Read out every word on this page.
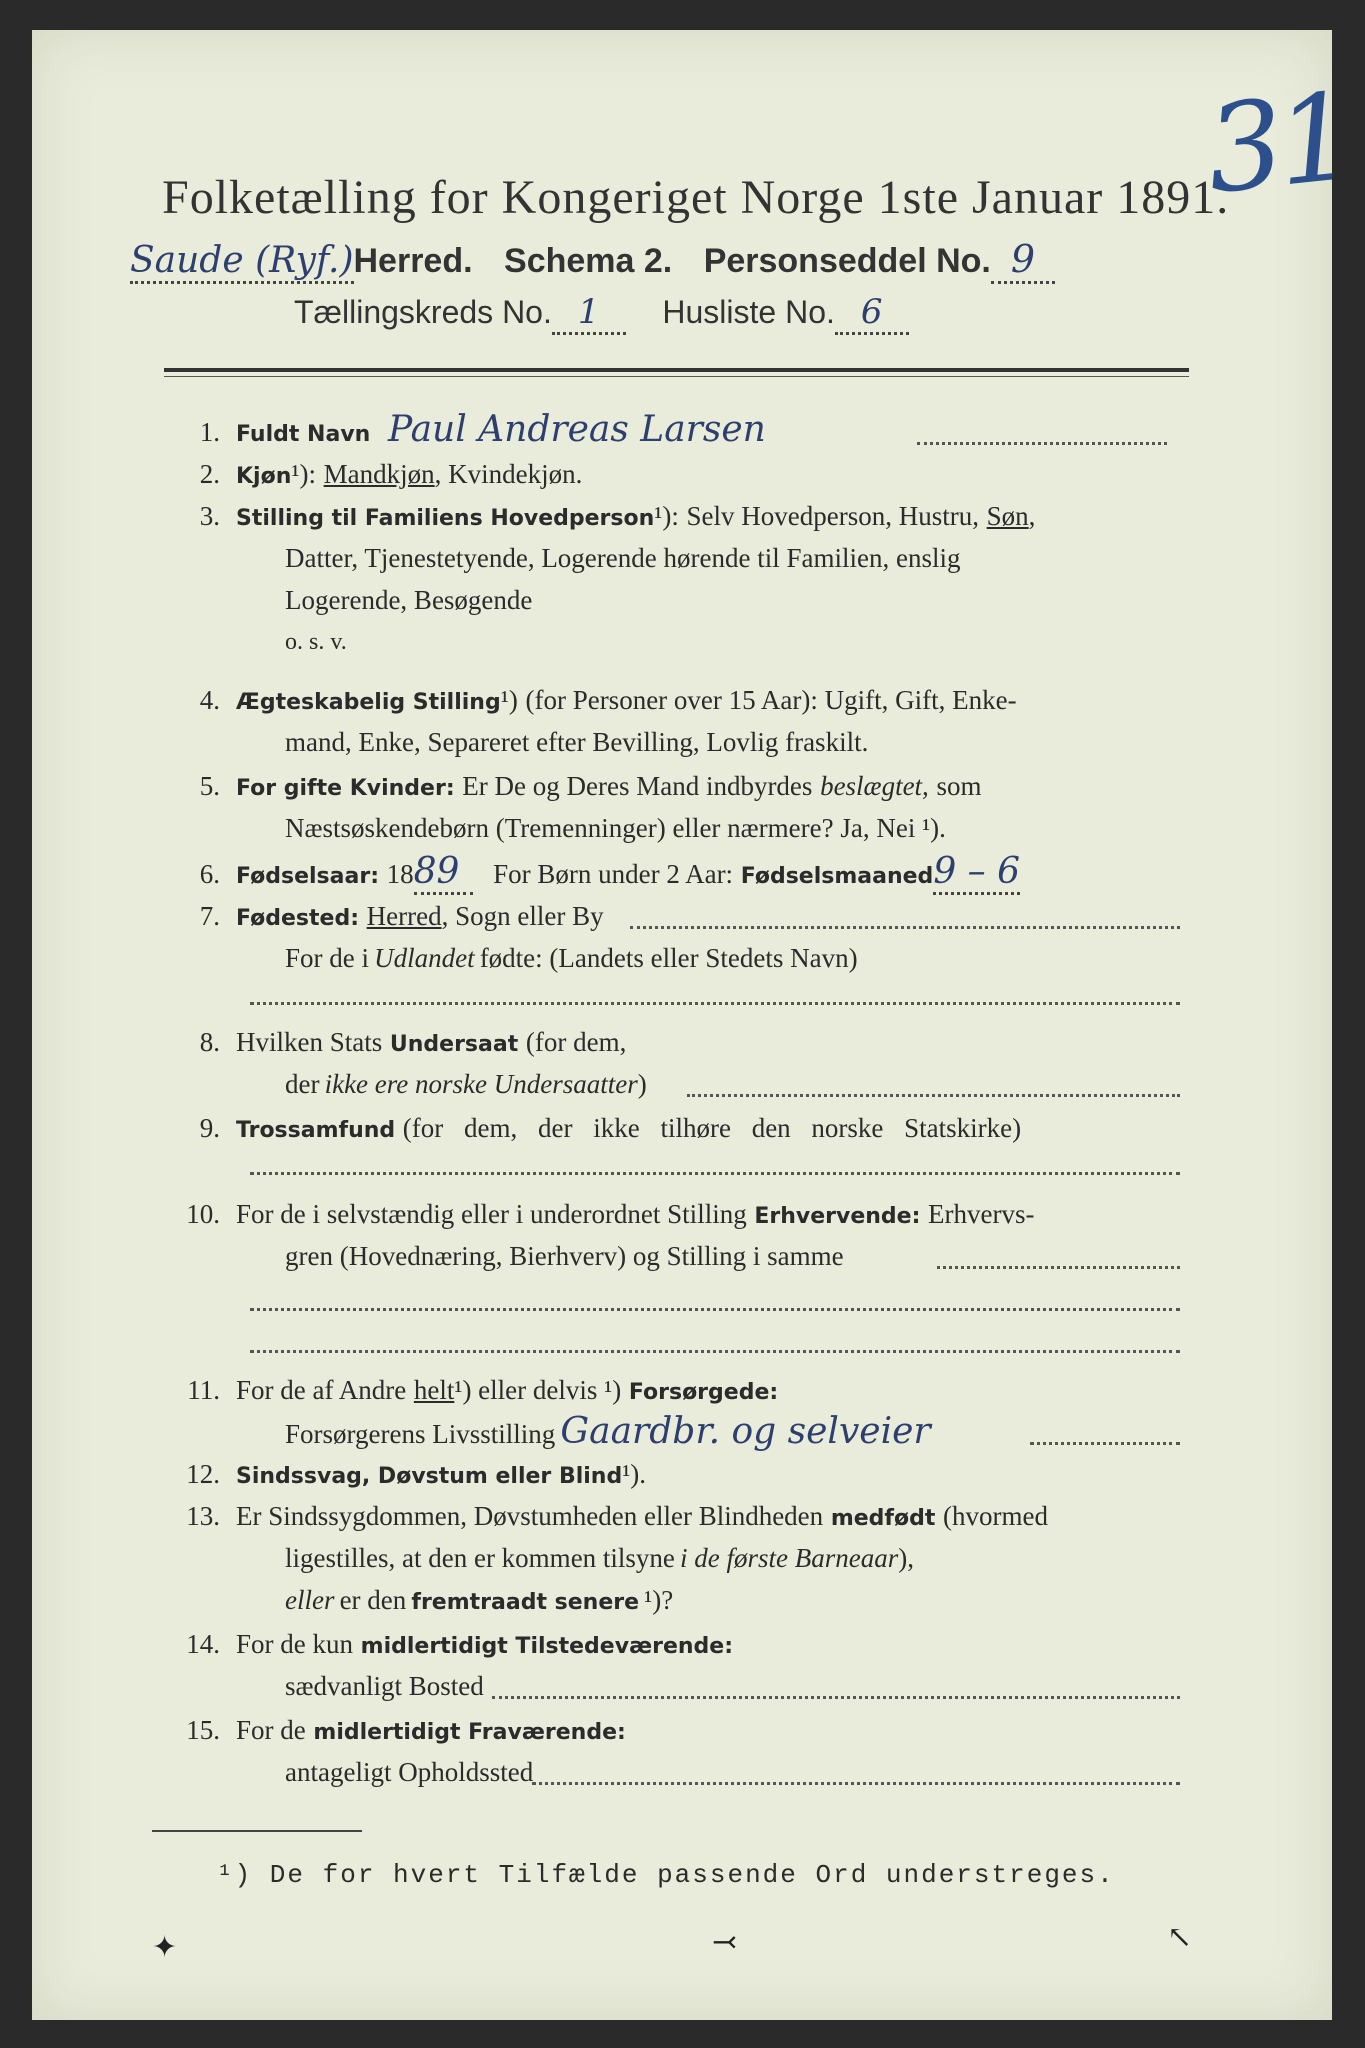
31
Folketælling for Kongeriget Norge 1ste Januar 1891.
Saude (Ryf.)Herred. Schema 2. Personseddel No. 9
Tællingskreds No. 1 Husliste No. 6
1. Fuldt Navn Paul Andreas Larsen
2. Kjøn¹): Mandkjøn, Kvindekjøn.
3. Stilling til Familiens Hovedperson¹): Selv Hovedperson, Hustru, Søn,
Datter, Tjenestetyende, Logerende hørende til Familien, enslig
Logerende, Besøgende
o. s. v.
4. Ægteskabelig Stilling¹) (for Personer over 15 Aar): Ugift, Gift, Enke-
mand, Enke, Separeret efter Bevilling, Lovlig fraskilt.
5. For gifte Kvinder: Er De og Deres Mand indbyrdes beslægtet, som
Næstsøskendebørn (Tremenninger) eller nærmere? Ja, Nei ¹).
6. Fødselsaar: 1889 For Børn under 2 Aar: Fødselsmaaned9 – 6
7. Fødested: Herred, Sogn eller By
For de i Udlandet fødte: (Landets eller Stedets Navn)
8. Hvilken Stats Undersaat (for dem,
der ikke ere norske Undersaatter)
9. Trossamfund (for dem, der ikke tilhøre den norske Statskirke)
10. For de i selvstændig eller i underordnet Stilling Erhvervende: Erhvervs-
gren (Hovednæring, Bierhverv) og Stilling i samme
11. For de af Andre helt¹) eller delvis ¹) Forsørgede:
Forsørgerens Livsstilling Gaardbr. og selveier
12. Sindssvag, Døvstum eller Blind¹).
13. Er Sindssygdommen, Døvstumheden eller Blindheden medfødt (hvormed
ligestilles, at den er kommen tilsyne i de første Barneaar),
eller er den fremtraadt senere ¹)?
14. For de kun midlertidigt Tilstedeværende:
sædvanligt Bosted
15. For de midlertidigt Fraværende:
antageligt Opholdssted
¹) De for hvert Tilfælde passende Ord understreges.
✦	⤙	↖
